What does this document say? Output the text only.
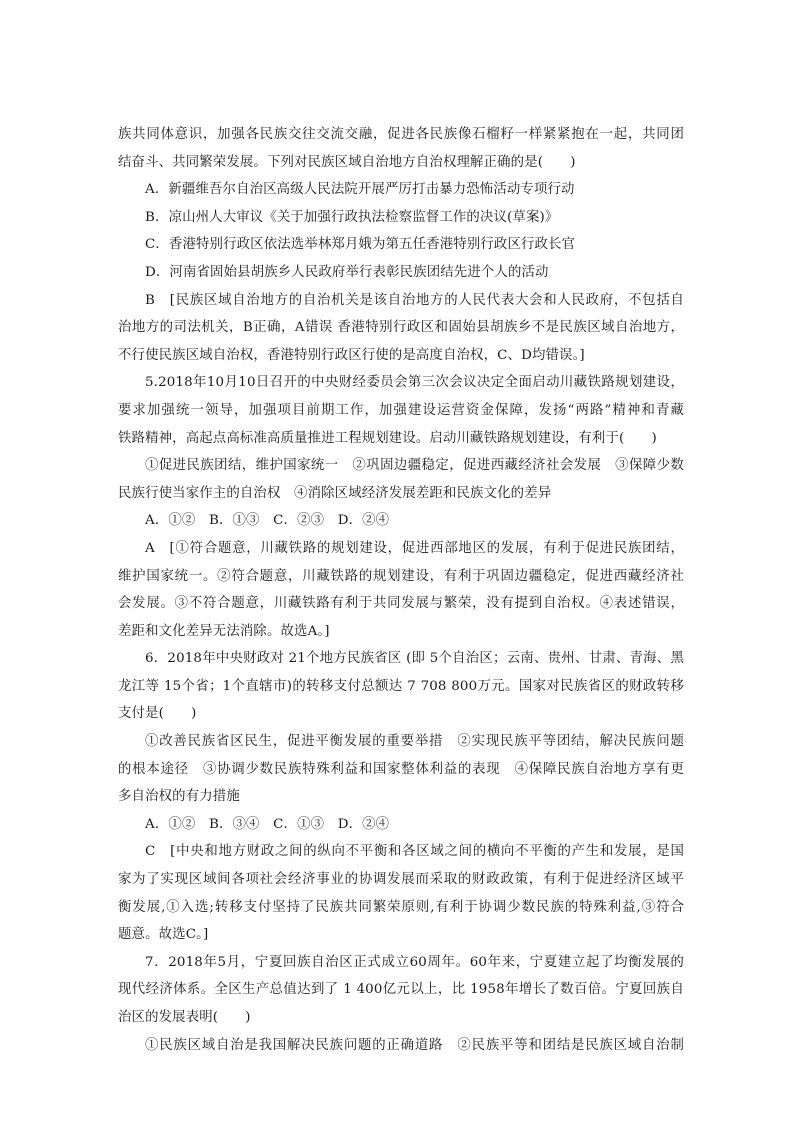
族共同体意识，加强各民族交往交流交融，促进各民族像石榴籽一样紧紧抱在一起，共同团
结奋斗、共同繁荣发展。下列对民族区域自治地方自治权理解正确的是(　　)
A．新疆维吾尔自治区高级人民法院开展严厉打击暴力恐怖活动专项行动
B．凉山州人大审议《关于加强行政执法检察监督工作的决议(草案)》
C．香港特别行政区依法选举林郑月娥为第五任香港特别行政区行政长官
D．河南省固始县胡族乡人民政府举行表彰民族团结先进个人的活动
B　[民族区域自治地方的自治机关是该自治地方的人民代表大会和人民政府，不包括自
治地方的司法机关，B正确，A错误 香港特别行政区和固始县胡族乡不是民族区域自治地方，
不行使民族区域自治权，香港特别行政区行使的是高度自治权，C、D均错误。]
5.2018年10月10日召开的中央财经委员会第三次会议决定全面启动川藏铁路规划建设，
要求加强统一领导，加强项目前期工作，加强建设运营资金保障，发扬“两路”精神和青藏
铁路精神，高起点高标准高质量推进工程规划建设。启动川藏铁路规划建设，有利于(　　)
①促进民族团结，维护国家统一　②巩固边疆稳定，促进西藏经济社会发展　③保障少数
民族行使当家作主的自治权　④消除区域经济发展差距和民族文化的差异
A．①②　B．①③　C．②③　D．②④
A　[①符合题意，川藏铁路的规划建设，促进西部地区的发展，有利于促进民族团结，
维护国家统一。②符合题意，川藏铁路的规划建设，有利于巩固边疆稳定，促进西藏经济社
会发展。③不符合题意，川藏铁路有利于共同发展与繁荣，没有提到自治权。④表述错误，
差距和文化差异无法消除。故选A。]
6．2018年中央财政对 21个地方民族省区 (即 5个自治区；云南、贵州、甘肃、青海、黑
龙江等 15个省；1个直辖市)的转移支付总额达 7 708 800万元。国家对民族省区的财政转移
支付是(　　)
①改善民族省区民生，促进平衡发展的重要举措　②实现民族平等团结，解决民族问题
的根本途径　③协调少数民族特殊利益和国家整体利益的表现　④保障民族自治地方享有更
多自治权的有力措施
A．①②　B．③④　C．①③　D．②④
C　[中央和地方财政之间的纵向不平衡和各区域之间的横向不平衡的产生和发展，是国
家为了实现区域间各项社会经济事业的协调发展而采取的财政政策，有利于促进经济区域平
衡发展,①入选;转移支付坚持了民族共同繁荣原则,有利于协调少数民族的特殊利益,③符合
题意。故选C。]
7．2018年5月，宁夏回族自治区正式成立60周年。60年来，宁夏建立起了均衡发展的
现代经济体系。全区生产总值达到了 1 400亿元以上，比 1958年增长了数百倍。宁夏回族自
治区的发展表明(　　)
①民族区域自治是我国解决民族问题的正确道路　②民族平等和团结是民族区域自治制
